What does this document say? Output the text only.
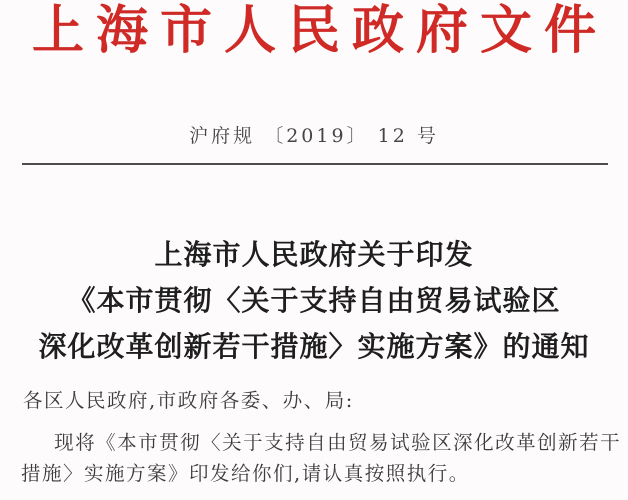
上海市人民政府文件
沪府规 〔2019〕 12 号
上海市人民政府关于印发
《本市贯彻〈关于支持自由贸易试验区
深化改革创新若干措施〉实施方案》的通知
各区人民政府,市政府各委、办、局:
现将《本市贯彻〈关于支持自由贸易试验区深化改革创新若干
措施〉实施方案》印发给你们,请认真按照执行。
